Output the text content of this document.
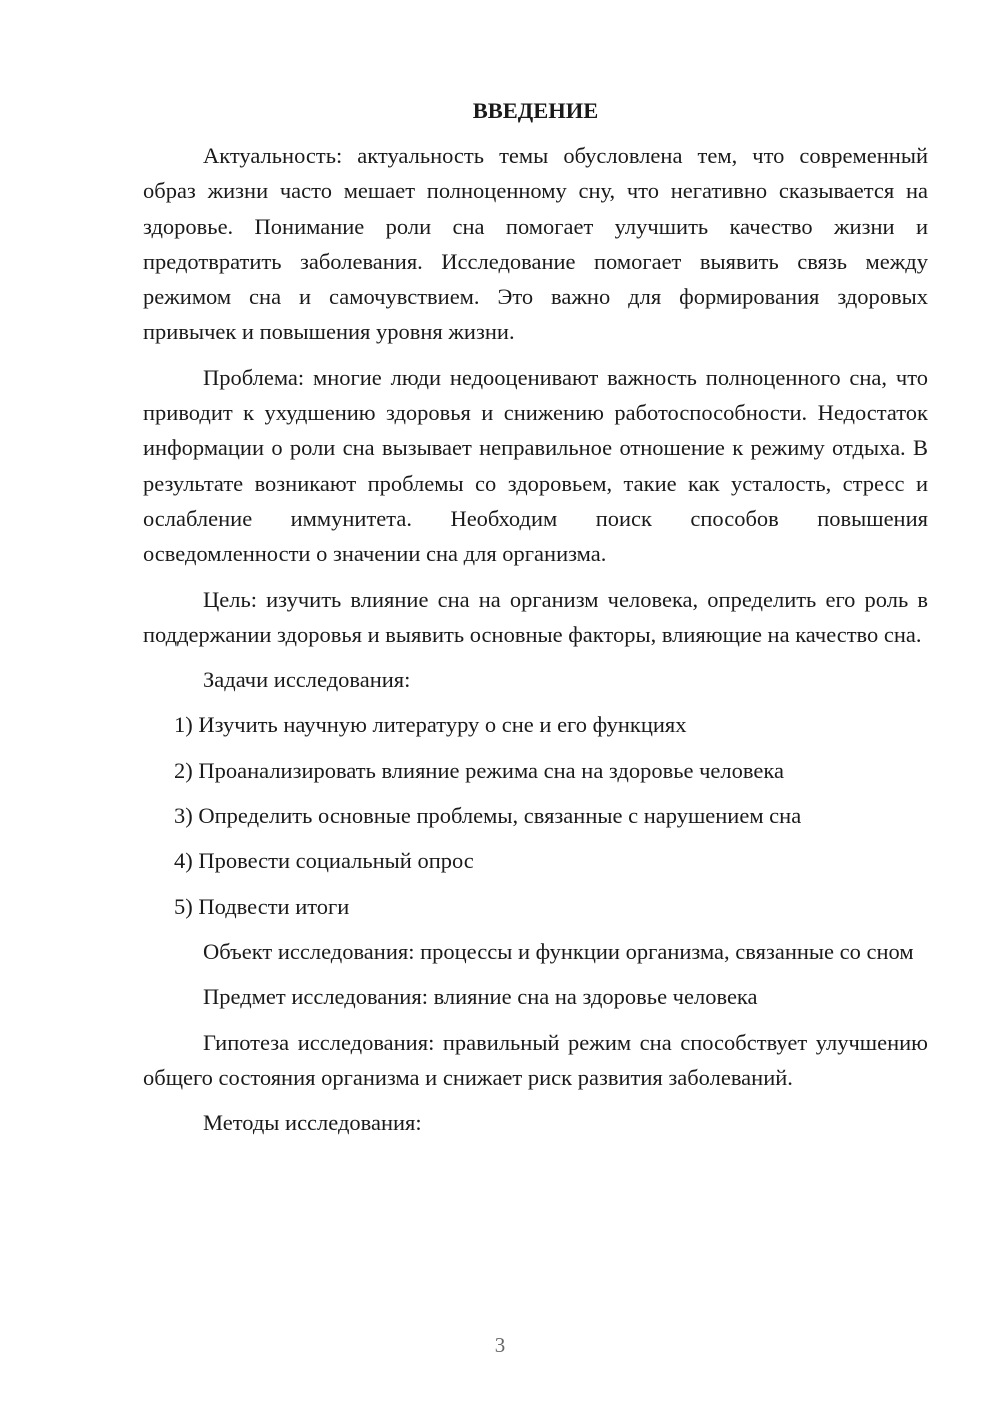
ВВЕДЕНИЕ

Актуальность: актуальность темы обусловлена тем, что современный образ жизни часто мешает полноценному сну, что негативно сказывается на здоровье. Понимание роли сна помогает улучшить качество жизни и предотвратить заболевания. Исследование помогает выявить связь между режимом сна и самочувствием. Это важно для формирования здоровых привычек и повышения уровня жизни.

Проблема: многие люди недооценивают важность полноценного сна, что приводит к ухудшению здоровья и снижению работоспособности. Недостаток информации о роли сна вызывает неправильное отношение к режиму отдыха. В результате возникают проблемы со здоровьем, такие как усталость, стресс и ослабление иммунитета. Необходим поиск способов повышения осведомленности о значении сна для организма.

Цель: изучить влияние сна на организм человека, определить его роль в поддержании здоровья и выявить основные факторы, влияющие на качество сна.

Задачи исследования:

1) Изучить научную литературу о сне и его функциях
2) Проанализировать влияние режима сна на здоровье человека
3) Определить основные проблемы, связанные с нарушением сна
4) Провести социальный опрос
5) Подвести итоги

Объект исследования: процессы и функции организма, связанные со сном

Предмет исследования: влияние сна на здоровье человека

Гипотеза исследования: правильный режим сна способствует улучшению общего состояния организма и снижает риск развития заболеваний.

Методы исследования:

3
